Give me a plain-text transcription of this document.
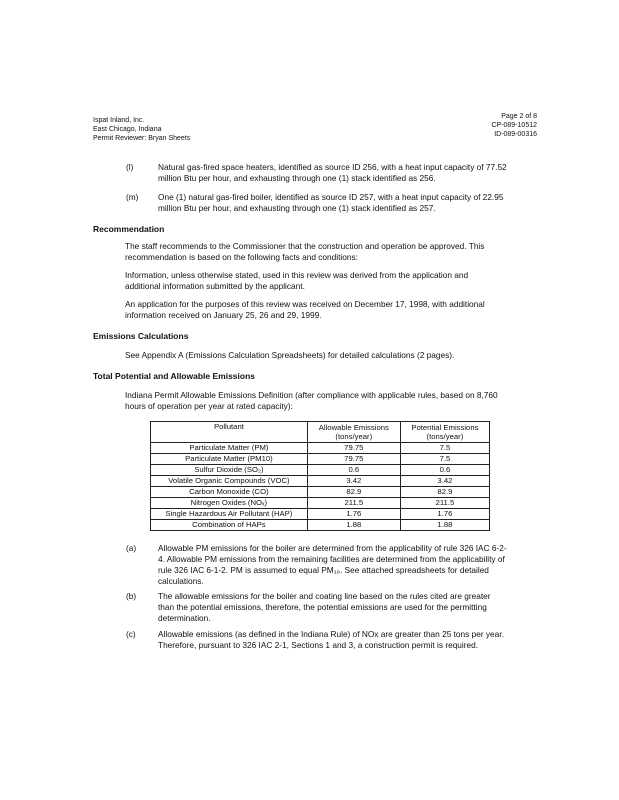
Ispat Inland, Inc.
East Chicago, Indiana
Permit Reviewer: Bryan Sheets
Page 2 of 8
CP-089-10512
ID-089-00316
(l)	Natural gas-fired space heaters, identified as source ID 256, with a heat input capacity of 77.52 million Btu per hour, and exhausting through one (1) stack identified as 256.
(m) One (1) natural gas-fired boiler, identified as source ID 257, with a heat input capacity of 22.95 million Btu per hour, and exhausting through one (1) stack identified as 257.
Recommendation
The staff recommends to the Commissioner that the construction and operation be approved. This recommendation is based on the following facts and conditions:
Information, unless otherwise stated, used in this review was derived from the application and additional information submitted by the applicant.
An application for the purposes of this review was received on December 17, 1998, with additional information received on January 25, 26 and 29, 1999.
Emissions Calculations
See Appendix A (Emissions Calculation Spreadsheets) for detailed calculations (2 pages).
Total Potential and Allowable Emissions
Indiana Permit Allowable Emissions Definition (after compliance with applicable rules, based on 8,760 hours of operation per year at rated capacity):
Pollutant	Allowable Emissions (tons/year)	Potential Emissions (tons/year)
Particulate Matter (PM)	79.75	7.5
Particulate Matter (PM10)	79.75	7.5
Sulfur Dioxide (SO₂)	0.6	0.6
Volatile Organic Compounds (VOC)	3.42	3.42
Carbon Monoxide (CO)	82.9	82.9
Nitrogen Oxides (NOₓ)	211.5	211.5
Single Hazardous Air Pollutant (HAP)	1.76	1.76
Combination of HAPs	1.88	1.88
(a)	Allowable PM emissions for the boiler are determined from the applicability of rule 326 IAC 6-2-4. Allowable PM emissions from the remaining facilities are determined from the applicability of rule 326 IAC 6-1-2. PM is assumed to equal PM₁₀. See attached spreadsheets for detailed calculations.
(b)	The allowable emissions for the boiler and coating line based on the rules cited are greater than the potential emissions, therefore, the potential emissions are used for the permitting determination.
(c)	Allowable emissions (as defined in the Indiana Rule) of NOx are greater than 25 tons per year. Therefore, pursuant to 326 IAC 2-1, Sections 1 and 3, a construction permit is required.
